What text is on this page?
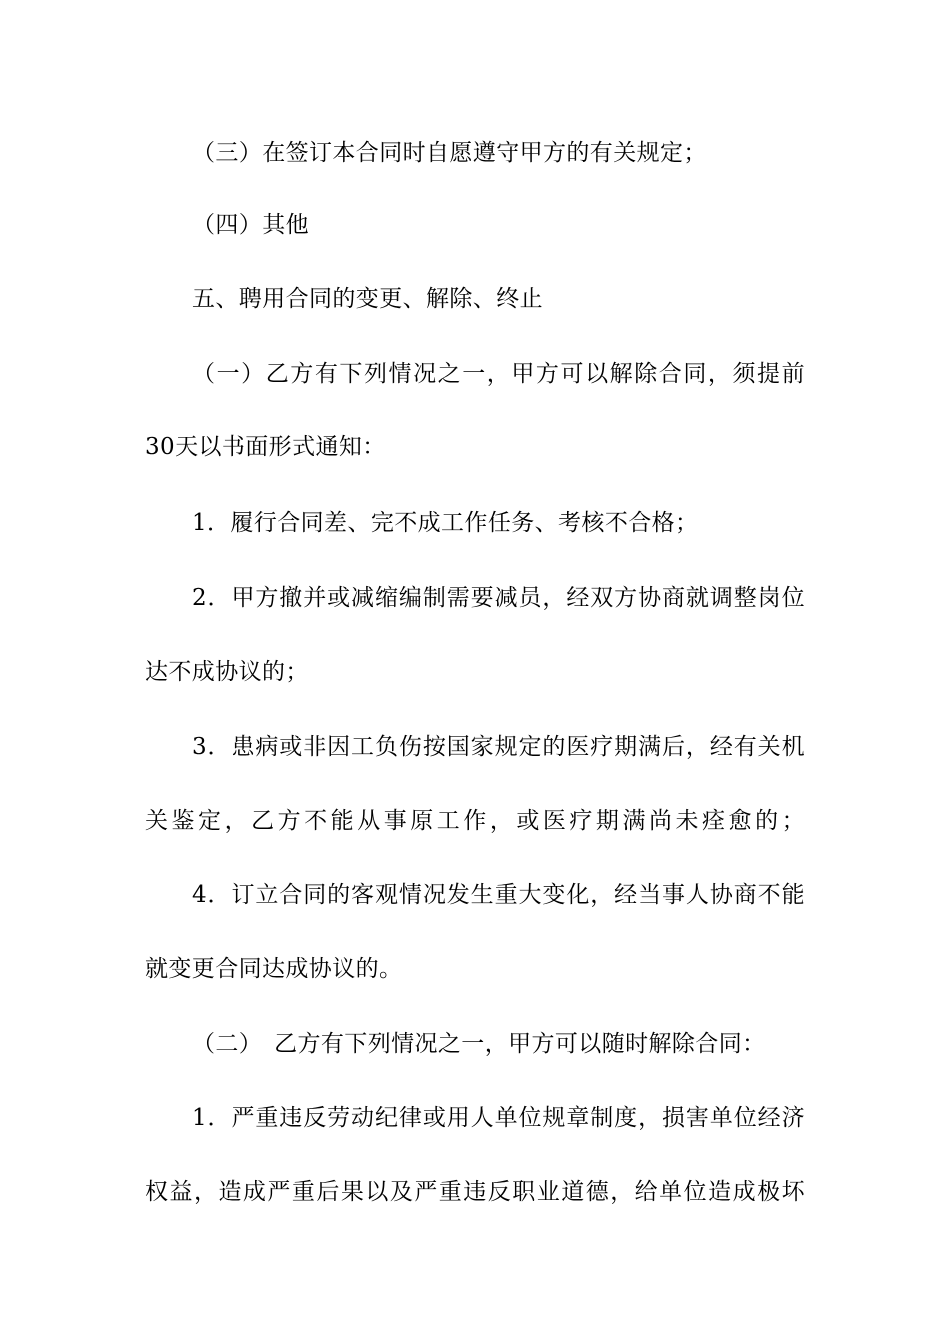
（三）在签订本合同时自愿遵守甲方的有关规定；
（四）其他
五、聘用合同的变更、解除、终止
（一）乙方有下列情况之一，甲方可以解除合同，须提前
30天以书面形式通知：
1．履行合同差、完不成工作任务、考核不合格；
2．甲方撤并或减缩编制需要减员，经双方协商就调整岗位
达不成协议的；
3．患病或非因工负伤按国家规定的医疗期满后，经有关机
关鉴定，乙方不能从事原工作，或医疗期满尚未痊愈的；
4．订立合同的客观情况发生重大变化，经当事人协商不能
就变更合同达成协议的。
（二）　乙方有下列情况之一，甲方可以随时解除合同：
1．严重违反劳动纪律或用人单位规章制度，损害单位经济
权益，造成严重后果以及严重违反职业道德，给单位造成极坏
